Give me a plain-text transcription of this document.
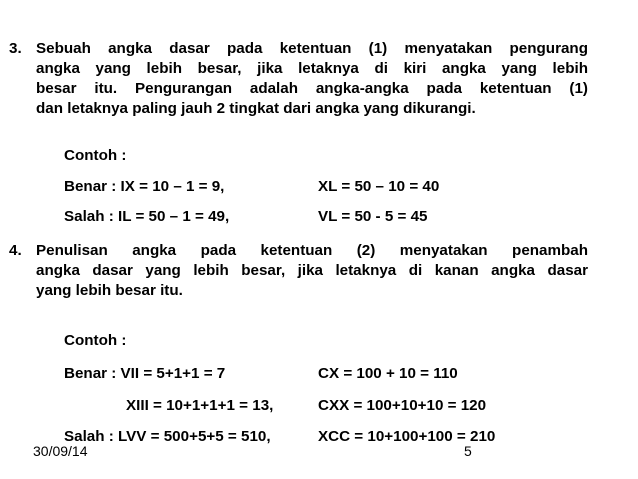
3. Sebuah angka dasar pada ketentuan (1) menyatakan pengurang
angka yang lebih besar, jika letaknya di kiri angka yang lebih
besar itu. Pengurangan adalah angka-angka pada ketentuan (1)
dan letaknya paling jauh 2 tingkat dari angka yang dikurangi.
Contoh :
Benar : IX = 10 – 1 = 9,	XL = 50 – 10 = 40
Salah : IL = 50 – 1 = 49,	VL = 50 - 5 = 45
4. Penulisan angka pada ketentuan (2) menyatakan penambah
angka dasar yang lebih besar, jika letaknya di kanan angka dasar
yang lebih besar itu.
Contoh :
Benar : VII = 5+1+1 = 7	CX = 100 + 10 = 110
XIII = 10+1+1+1 = 13,	CXX = 100+10+10 = 120
Salah : LVV = 500+5+5 = 510,	XCC = 10+100+100 = 210
30/09/14	5
